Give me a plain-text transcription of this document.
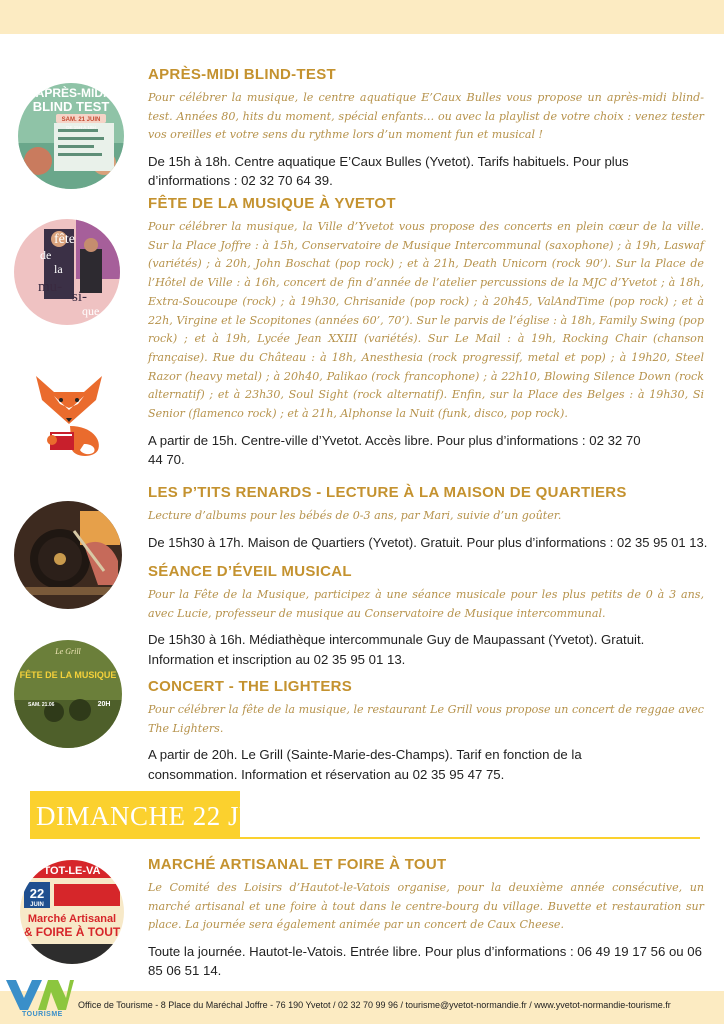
APRÈS-MIDI
BLIND TEST
SAM. 21 JUIN
DE 15H À 18H
fête
de
la
mu-
si-
que
Le Grill
FÊTE DE LA MUSIQUE
SAM. 21.06	20H
TOT-LE-VA
22
JUIN
Marché Artisanal
& FOIRE À TOUT
APRÈS-MIDI BLIND-TEST
Pour célébrer la musique, le centre aquatique E’Caux Bulles vous propose un après-midi blind-test. Années 80, hits du moment, spécial enfants… ou avec la playlist de votre choix : venez tester vos oreilles et votre sens du rythme lors d’un moment fun et musical !
De 15h à 18h. Centre aquatique E’Caux Bulles (Yvetot). Tarifs habituels. Pour plus d’informations : 02 32 70 64 39.
FÊTE DE LA MUSIQUE À YVETOT
Pour célébrer la musique, la Ville d’Yvetot vous propose des concerts en plein cœur de la ville. Sur la Place Joffre : à 15h, Conservatoire de Musique Intercommunal (saxophone) ; à 19h, Laswaf (variétés) ; à 20h, John Boschat (pop rock) ; et à 21h, Death Unicorn (rock 90’). Sur la Place de l’Hôtel de Ville : à 16h, concert de fin d’année de l’atelier percussions de la MJC d’Yvetot ; à 18h, Extra-Soucoupe (rock) ; à 19h30, Chrisanide (pop rock) ; à 20h45, ValAndTime (pop rock) ; et à 22h, Virgine et le Scopitones (années 60’, 70’). Sur le parvis de l’église : à 18h, Family Swing (pop rock) ; et à 19h, Lycée Jean XXIII (variétés). Sur Le Mail : à 19h, Rocking Chair (chanson française). Rue du Château : à 18h, Anesthesia (rock progressif, metal et pop) ; à 19h20, Steel Razor (heavy metal) ; à 20h40, Palikao (rock francophone) ; à 22h10, Blowing Silence Down (rock alternatif) ; et à 23h30, Soul Sight (rock alternatif). Enfin, sur la Place des Belges : à 19h30, Si Senior (flamenco rock) ; et à 21h, Alphonse la Nuit (funk, disco, pop rock).
A partir de 15h. Centre-ville d’Yvetot. Accès libre. Pour plus d’informations : 02 32 70 44 70.
LES P’TITS RENARDS - LECTURE À LA MAISON DE QUARTIERS
Lecture d’albums pour les bébés de 0-3 ans, par Mari, suivie d’un goûter.
De 15h30 à 17h. Maison de Quartiers (Yvetot). Gratuit. Pour plus d’informations : 02 35 95 01 13.
SÉANCE D’ÉVEIL MUSICAL
Pour la Fête de la Musique, participez à une séance musicale pour les plus petits de 0 à 3 ans, avec Lucie, professeur de musique au Conservatoire de Musique intercommunal.
De 15h30 à 16h. Médiathèque intercommunale Guy de Maupassant (Yvetot). Gratuit. Information et inscription au 02 35 95 01 13.
CONCERT - THE LIGHTERS
Pour célébrer la fête de la musique, le restaurant Le Grill vous propose un concert de reggae avec The Lighters.
A partir de 20h. Le Grill (Sainte-Marie-des-Champs). Tarif en fonction de la consommation. Information et réservation au 02 35 95 47 75.
DIMANCHE 22 JUIN
MARCHÉ ARTISANAL ET FOIRE À TOUT
Le Comité des Loisirs d’Hautot-le-Vatois organise, pour la deuxième année consécutive, un marché artisanal et une foire à tout dans le centre-bourg du village. Buvette et restauration sur place. La journée sera également animée par un concert de Caux Cheese.
Toute la journée. Hautot-le-Vatois. Entrée libre. Pour plus d’informations : 06 49 19 17 56 ou 06 85 06 51 14.
TOURISME
Office de Tourisme - 8 Place du Maréchal Joffre - 76 190 Yvetot / 02 32 70 99 96 / tourisme@yvetot-normandie.fr / www.yvetot-normandie-tourisme.fr
